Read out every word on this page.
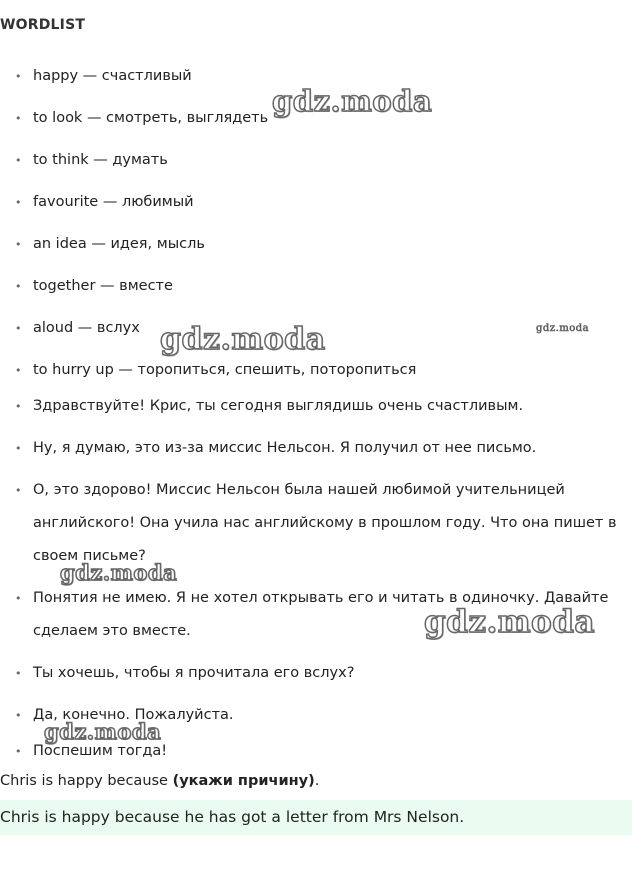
WORDLIST
• happy — счастливый
• to look — смотреть, выглядеть
• to think — думать
• favourite — любимый
• an idea — идея, мысль
• together — вместе
• aloud — вслух
• to hurry up — торопиться, спешить, поторопиться
• Здравствуйте! Крис, ты сегодня выглядишь очень счастливым.
• Ну, я думаю, это из-за миссис Нельсон. Я получил от нее письмо.
• О, это здорово! Миссис Нельсон была нашей любимой учительницей английского! Она учила нас английскому в прошлом году. Что она пишет в своем письме?
• Понятия не имею. Я не хотел открывать его и читать в одиночку. Давайте сделаем это вместе.
• Ты хочешь, чтобы я прочитала его вслух?
• Да, конечно. Пожалуйста.
• Поспешим тогда!
Chris is happy because (укажи причину).
Chris is happy because he has got a letter from Mrs Nelson.
gdz.moda
gdz.moda	gdz.moda
gdz.moda
gdz.moda
gdz.moda
